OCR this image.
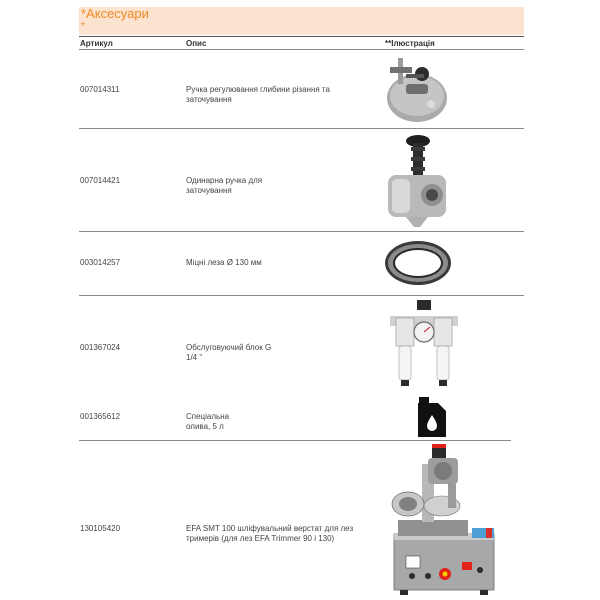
*Аксесуари
*
Артикул	Опис	**Ілюстрація
007014311	Ручка регулювання глибини різання та
заточування
007014421	Одинарна ручка для
заточування
003014257	Міцні леза Ø 130 мм
001367024	Обслуговуючий блок G
1/4 "
001365612	Спеціальна
олива, 5 л
130105420	EFA SMT 100 шліфувальний верстат для лез
тримерів (для лез EFA Trimmer 90 і 130)
